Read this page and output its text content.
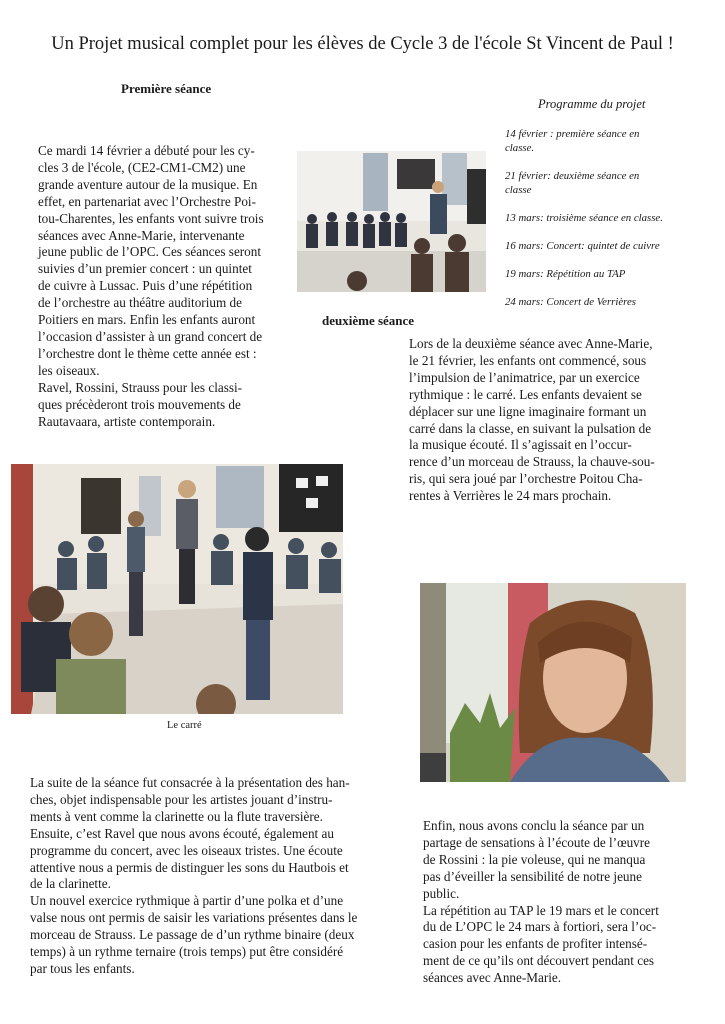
Un Projet musical complet pour les élèves de Cycle 3 de l'école St Vincent de Paul !
Première séance
Ce mardi 14 février a débuté pour les cy-
cles 3 de l'école, (CE2-CM1-CM2) une
grande aventure autour de la musique. En
effet, en partenariat avec l’Orchestre Poi-
tou-Charentes, les enfants vont suivre trois
séances avec Anne-Marie, intervenante
jeune public de l’OPC. Ces séances seront
suivies d’un premier concert : un quintet
de cuivre à Lussac. Puis d’une répétition
de l’orchestre au théâtre auditorium de
Poitiers en mars. Enfin les enfants auront
l’occasion d’assister à un grand concert de
l’orchestre dont le thème cette année est :
les oiseaux.
Ravel, Rossini, Strauss pour les classi-
ques précèderont trois mouvements de
Rautavaara, artiste contemporain.
Programme du projet
14 février : première séance en
classe.
21 février: deuxième séance en
classe
13 mars: troisième séance en classe.
16 mars: Concert: quintet de cuivre
19 mars: Répétition au TAP
24 mars: Concert de Verrières
deuxième séance
Lors de la deuxième séance avec Anne-Marie,
le 21 février, les enfants ont commencé, sous
l’impulsion de l’animatrice, par un exercice
rythmique : le carré. Les enfants devaient se
déplacer sur une ligne imaginaire formant un
carré dans la classe, en suivant la pulsation de
la musique écouté. Il s’agissait en l’occur-
rence d’un morceau de Strauss, la chauve-sou-
ris, qui sera joué par l’orchestre Poitou Cha-
rentes à Verrières le 24 mars prochain.
Le carré
La suite de la séance fut consacrée à la présentation des han-
ches, objet indispensable pour les artistes jouant d’instru-
ments à vent comme la clarinette ou la flute traversière.
Ensuite, c’est Ravel que nous avons écouté, également au
programme du concert, avec les oiseaux tristes. Une écoute
attentive nous a permis de distinguer les sons du Hautbois et
de la clarinette.
Un nouvel exercice rythmique à partir d’une polka et d’une
valse nous ont permis de saisir les variations présentes dans le
morceau de Strauss. Le passage de d’un rythme binaire (deux
temps) à un rythme ternaire (trois temps) put être considéré
par tous les enfants.
Enfin, nous avons conclu la séance par un
partage de sensations à l’écoute de l’œuvre
de Rossini : la pie voleuse, qui ne manqua
pas d’éveiller la sensibilité de notre jeune
public.
La répétition au TAP le 19 mars et le concert
du de L’OPC le 24 mars à fortiori, sera l’oc-
casion pour les enfants de profiter intensé-
ment de ce qu’ils ont découvert pendant ces
séances avec Anne-Marie.
